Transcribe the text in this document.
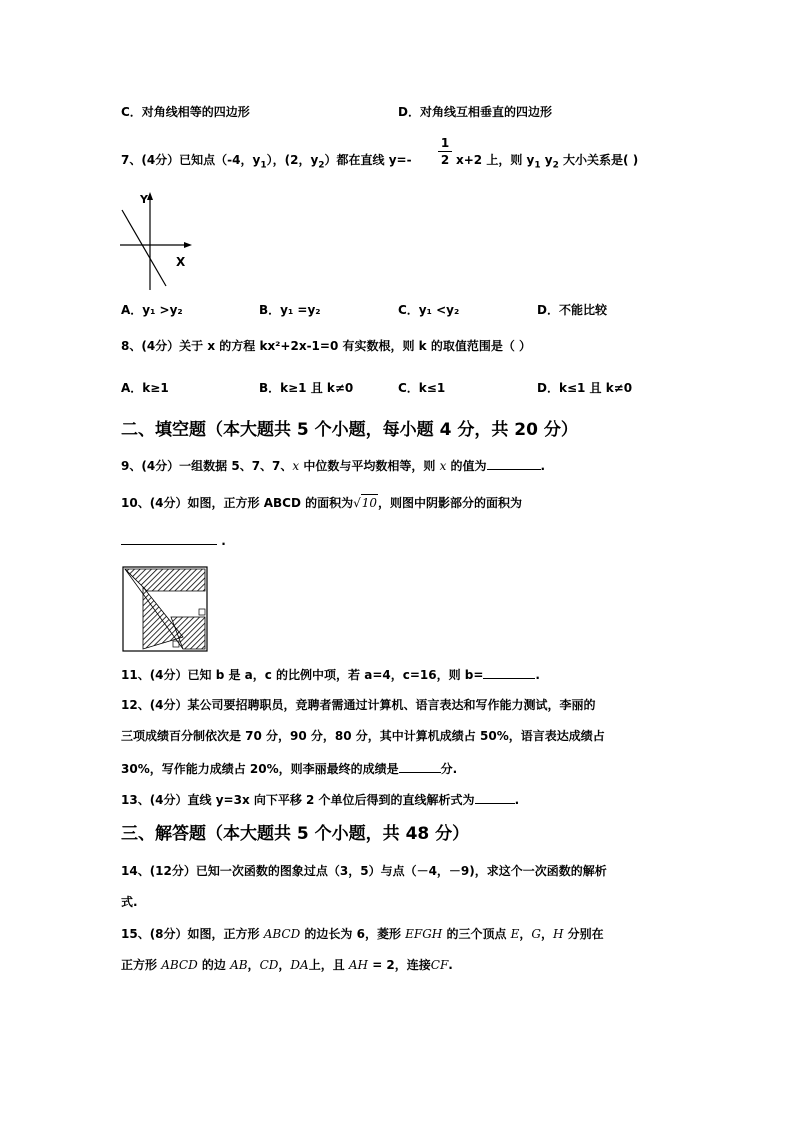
C．对角线相等的四边形	D．对角线互相垂直的四边形
7、(4分）已知点（-4，$y_1$），(2，$y_2$）都在直线 y=-
1
2 x+2 上，则 $y_1$ $y_2$ 大小关系是( )
Y
X
A．y₁ >y₂	B．y₁ =y₂	C．y₁ <y₂	D．不能比较
8、(4分）关于 x 的方程 kx²+2x-1=0 有实数根，则 k 的取值范围是（ ）
A．k≥1	B．k≥1 且 k≠0	C．k≤1	D．k≤1 且 k≠0
二、填空题（本大题共 5 个小题，每小题 4 分，共 20 分）
9、(4分）一组数据 5、7、7、x 中位数与平均数相等，则 x 的值为	.
10、(4分）如图，正方形 ABCD 的面积为√10，则图中阴影部分的面积为
.
11、(4分）已知 b 是 a，c 的比例中项，若 a=4，c=16，则 b=	.
12、(4分）某公司要招聘职员，竞聘者需通过计算机、语言表达和写作能力测试，李丽的
三项成绩百分制依次是 70 分，90 分，80 分，其中计算机成绩占 50%，语言表达成绩占
30%，写作能力成绩占 20%，则李丽最终的成绩是	分.
13、(4分）直线 y=3x 向下平移 2 个单位后得到的直线解析式为	.
三、解答题（本大题共 5 个小题，共 48 分）
14、(12分）已知一次函数的图象过点（3，5）与点（－4，－9)，求这个一次函数的解析
式.
15、(8分）如图，正方形 ABCD 的边长为 6，菱形 EFGH 的三个顶点 E，G，H 分别在
正方形 ABCD 的边 AB，CD，DA上，且 AH = 2，连接CF.
